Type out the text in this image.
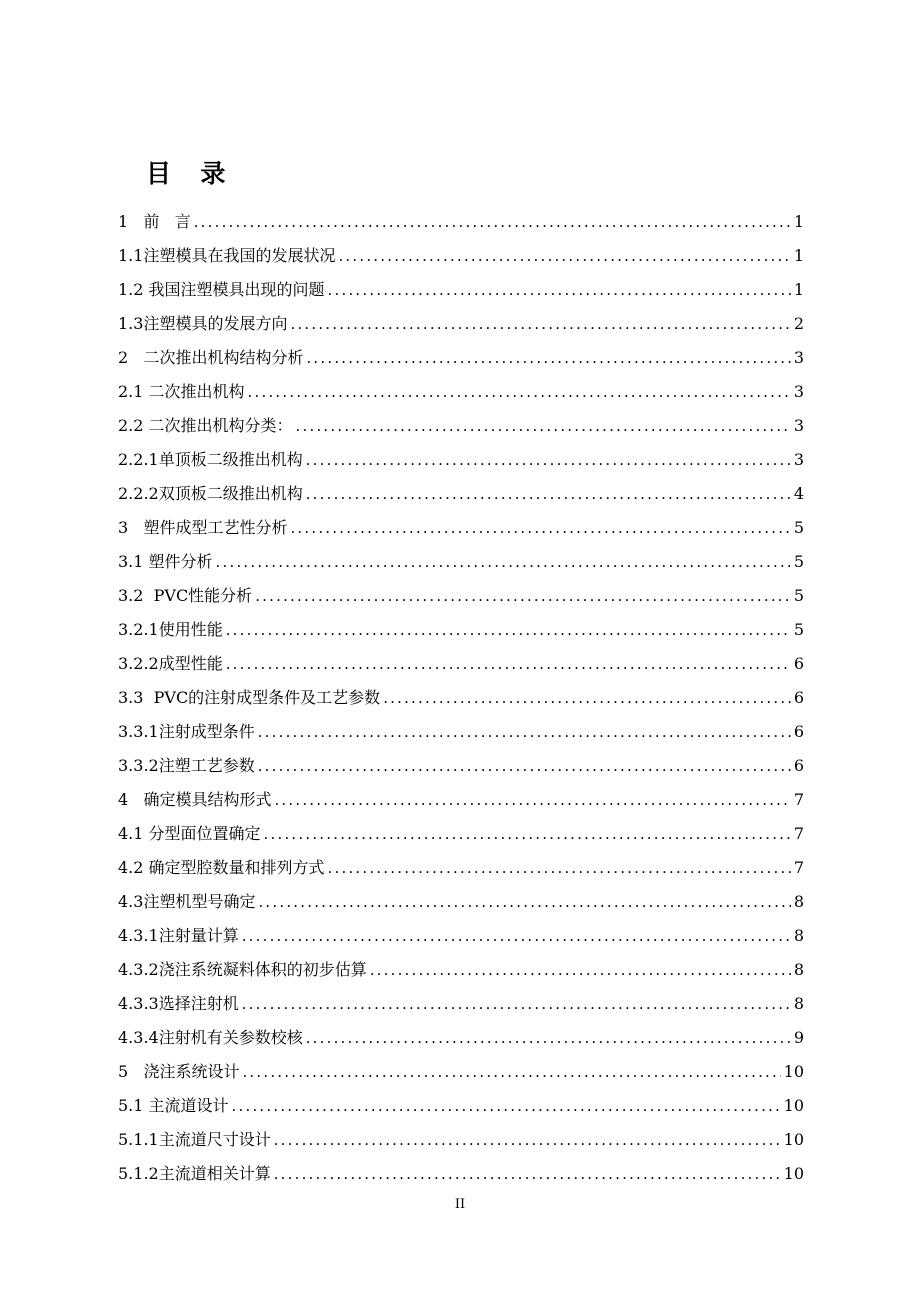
目  录
1   前   言 .....	1
1.1注塑模具在我国的发展状况 .....	1
1.2 我国注塑模具出现的问题 .....	1
1.3注塑模具的发展方向 .....	2
2   二次推出机构结构分析 .....	3
2.1 二次推出机构 .....	3
2.2 二次推出机构分类： .....	3
2.2.1单顶板二级推出机构 .....	3
2.2.2双顶板二级推出机构 .....	4
3   塑件成型工艺性分析 .....	5
3.1 塑件分析 .....	5
3.2  PVC性能分析 .....	5
3.2.1使用性能 .....	5
3.2.2成型性能 .....	6
3.3  PVC的注射成型条件及工艺参数 .....	6
3.3.1注射成型条件 .....	6
3.3.2注塑工艺参数 .....	6
4   确定模具结构形式 .....	7
4.1 分型面位置确定 .....	7
4.2 确定型腔数量和排列方式 .....	7
4.3注塑机型号确定 .....	8
4.3.1注射量计算 .....	8
4.3.2浇注系统凝料体积的初步估算 .....	8
4.3.3选择注射机 .....	8
4.3.4注射机有关参数校核 .....	9
5   浇注系统设计 .....	10
5.1 主流道设计 .....	10
5.1.1主流道尺寸设计 .....	10
5.1.2主流道相关计算 .....	10
II
